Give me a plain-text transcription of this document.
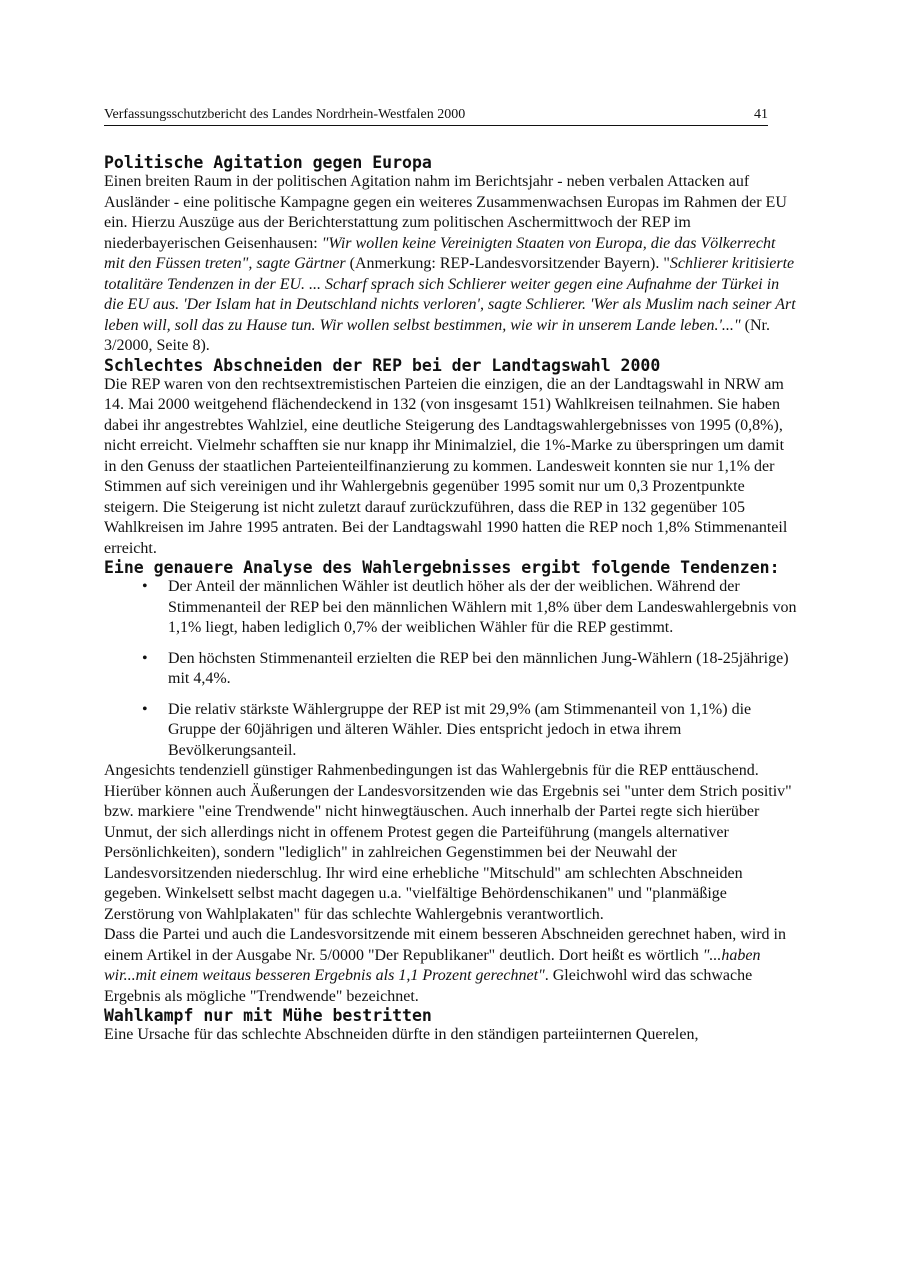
Verfassungsschutzbericht des Landes Nordrhein-Westfalen 2000	41
Politische Agitation gegen Europa

Einen breiten Raum in der politischen Agitation nahm im Berichtsjahr - neben verbalen Attacken auf Ausländer - eine politische Kampagne gegen ein weiteres Zusammenwachsen Europas im Rahmen der EU ein. Hierzu Auszüge aus der Berichterstattung zum politischen Aschermittwoch der REP im niederbayerischen Geisenhausen: "Wir wollen keine Vereinigten Staaten von Europa, die das Völkerrecht mit den Füssen treten", sagte Gärtner (Anmerkung: REP-Landesvorsitzender Bayern). "Schlierer kritisierte totalitäre Tendenzen in der EU. ... Scharf sprach sich Schlierer weiter gegen eine Aufnahme der Türkei in die EU aus. 'Der Islam hat in Deutschland nichts verloren', sagte Schlierer. 'Wer als Muslim nach seiner Art leben will, soll das zu Hause tun. Wir wollen selbst bestimmen, wie wir in unserem Lande leben.'..." (Nr. 3/2000, Seite 8).

Schlechtes Abschneiden der REP bei der Landtagswahl 2000

Die REP waren von den rechtsextremistischen Parteien die einzigen, die an der Landtagswahl in NRW am 14. Mai 2000 weitgehend flächendeckend in 132 (von insgesamt 151) Wahlkreisen teilnahmen. Sie haben dabei ihr angestrebtes Wahlziel, eine deutliche Steigerung des Landtagswahlergebnisses von 1995 (0,8%), nicht erreicht. Vielmehr schafften sie nur knapp ihr Minimalziel, die 1%-Marke zu überspringen um damit in den Genuss der staatlichen Parteienteilfinanzierung zu kommen. Landesweit konnten sie nur 1,1% der Stimmen auf sich vereinigen und ihr Wahlergebnis gegenüber 1995 somit nur um 0,3 Prozentpunkte steigern. Die Steigerung ist nicht zuletzt darauf zurückzuführen, dass die REP in 132 gegenüber 105 Wahlkreisen im Jahre 1995 antraten. Bei der Landtagswahl 1990 hatten die REP noch 1,8% Stimmenanteil erreicht.

Eine genauere Analyse des Wahlergebnisses ergibt folgende Tendenzen:
• Der Anteil der männlichen Wähler ist deutlich höher als der der weiblichen. Während der Stimmenanteil der REP bei den männlichen Wählern mit 1,8% über dem Landeswahlergebnis von 1,1% liegt, haben lediglich 0,7% der weiblichen Wähler für die REP gestimmt.
• Den höchsten Stimmenanteil erzielten die REP bei den männlichen Jung-Wählern (18-25jährige) mit 4,4%.
• Die relativ stärkste Wählergruppe der REP ist mit 29,9% (am Stimmenanteil von 1,1%) die Gruppe der 60jährigen und älteren Wähler. Dies entspricht jedoch in etwa ihrem Bevölkerungsanteil.

Angesichts tendenziell günstiger Rahmenbedingungen ist das Wahlergebnis für die REP enttäuschend. Hierüber können auch Äußerungen der Landesvorsitzenden wie das Ergebnis sei "unter dem Strich positiv" bzw. markiere "eine Trendwende" nicht hinwegtäuschen. Auch innerhalb der Partei regte sich hierüber Unmut, der sich allerdings nicht in offenem Protest gegen die Parteiführung (mangels alternativer Persönlichkeiten), sondern "lediglich" in zahlreichen Gegenstimmen bei der Neuwahl der Landesvorsitzenden niederschlug. Ihr wird eine erhebliche "Mitschuld" am schlechten Abschneiden gegeben. Winkelsett selbst macht dagegen u.a. "vielfältige Behördenschikanen" und "planmäßige Zerstörung von Wahlplakaten" für das schlechte Wahlergebnis verantwortlich.

Dass die Partei und auch die Landesvorsitzende mit einem besseren Abschneiden gerechnet haben, wird in einem Artikel in der Ausgabe Nr. 5/0000 "Der Republikaner" deutlich. Dort heißt es wörtlich "...haben wir...mit einem weitaus besseren Ergebnis als 1,1 Prozent gerechnet". Gleichwohl wird das schwache Ergebnis als mögliche "Trendwende" bezeichnet.

Wahlkampf nur mit Mühe bestritten

Eine Ursache für das schlechte Abschneiden dürfte in den ständigen parteiinternen Querelen,
